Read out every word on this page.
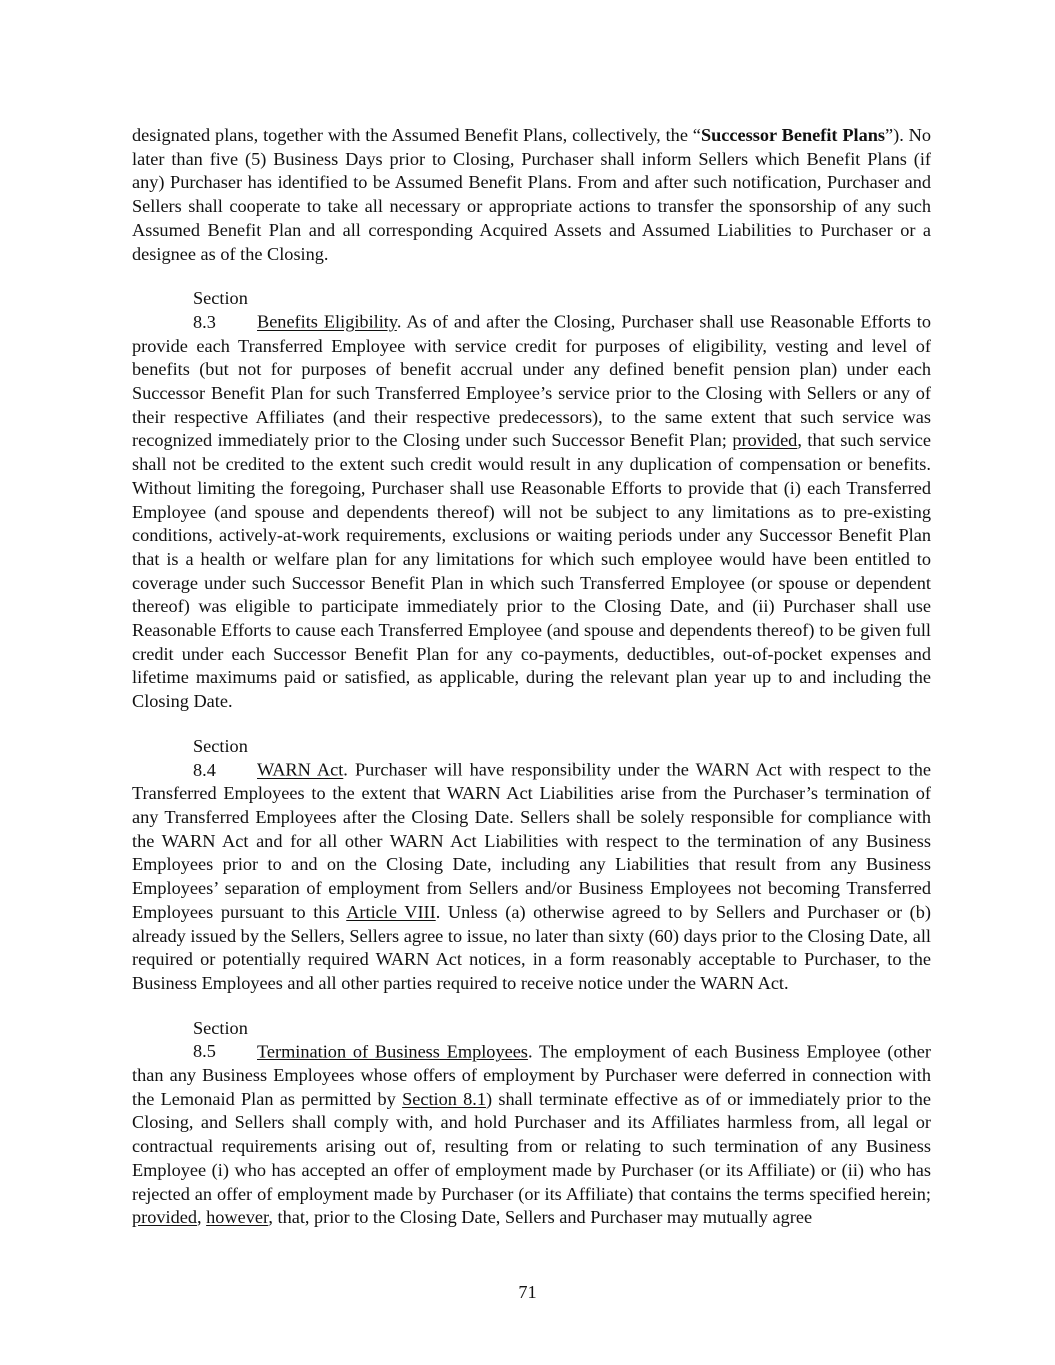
designated plans, together with the Assumed Benefit Plans, collectively, the “Successor Benefit Plans”). No later than five (5) Business Days prior to Closing, Purchaser shall inform Sellers which Benefit Plans (if any) Purchaser has identified to be Assumed Benefit Plans. From and after such notification, Purchaser and Sellers shall cooperate to take all necessary or appropriate actions to transfer the sponsorship of any such Assumed Benefit Plan and all corresponding Acquired Assets and Assumed Liabilities to Purchaser or a designee as of the Closing.

Section 8.3 Benefits Eligibility. As of and after the Closing, Purchaser shall use Reasonable Efforts to provide each Transferred Employee with service credit for purposes of eligibility, vesting and level of benefits (but not for purposes of benefit accrual under any defined benefit pension plan) under each Successor Benefit Plan for such Transferred Employee’s service prior to the Closing with Sellers or any of their respective Affiliates (and their respective predecessors), to the same extent that such service was recognized immediately prior to the Closing under such Successor Benefit Plan; provided, that such service shall not be credited to the extent such credit would result in any duplication of compensation or benefits. Without limiting the foregoing, Purchaser shall use Reasonable Efforts to provide that (i) each Transferred Employee (and spouse and dependents thereof) will not be subject to any limitations as to pre-existing conditions, actively-at-work requirements, exclusions or waiting periods under any Successor Benefit Plan that is a health or welfare plan for any limitations for which such employee would have been entitled to coverage under such Successor Benefit Plan in which such Transferred Employee (or spouse or dependent thereof) was eligible to participate immediately prior to the Closing Date, and (ii) Purchaser shall use Reasonable Efforts to cause each Transferred Employee (and spouse and dependents thereof) to be given full credit under each Successor Benefit Plan for any co-payments, deductibles, out-of-pocket expenses and lifetime maximums paid or satisfied, as applicable, during the relevant plan year up to and including the Closing Date.

Section 8.4 WARN Act. Purchaser will have responsibility under the WARN Act with respect to the Transferred Employees to the extent that WARN Act Liabilities arise from the Purchaser’s termination of any Transferred Employees after the Closing Date. Sellers shall be solely responsible for compliance with the WARN Act and for all other WARN Act Liabilities with respect to the termination of any Business Employees prior to and on the Closing Date, including any Liabilities that result from any Business Employees’ separation of employment from Sellers and/or Business Employees not becoming Transferred Employees pursuant to this Article VIII. Unless (a) otherwise agreed to by Sellers and Purchaser or (b) already issued by the Sellers, Sellers agree to issue, no later than sixty (60) days prior to the Closing Date, all required or potentially required WARN Act notices, in a form reasonably acceptable to Purchaser, to the Business Employees and all other parties required to receive notice under the WARN Act.

Section 8.5 Termination of Business Employees. The employment of each Business Employee (other than any Business Employees whose offers of employment by Purchaser were deferred in connection with the Lemonaid Plan as permitted by Section 8.1) shall terminate effective as of or immediately prior to the Closing, and Sellers shall comply with, and hold Purchaser and its Affiliates harmless from, all legal or contractual requirements arising out of, resulting from or relating to such termination of any Business Employee (i) who has accepted an offer of employment made by Purchaser (or its Affiliate) or (ii) who has rejected an offer of employment made by Purchaser (or its Affiliate) that contains the terms specified herein; provided, however, that, prior to the Closing Date, Sellers and Purchaser may mutually agree

71
